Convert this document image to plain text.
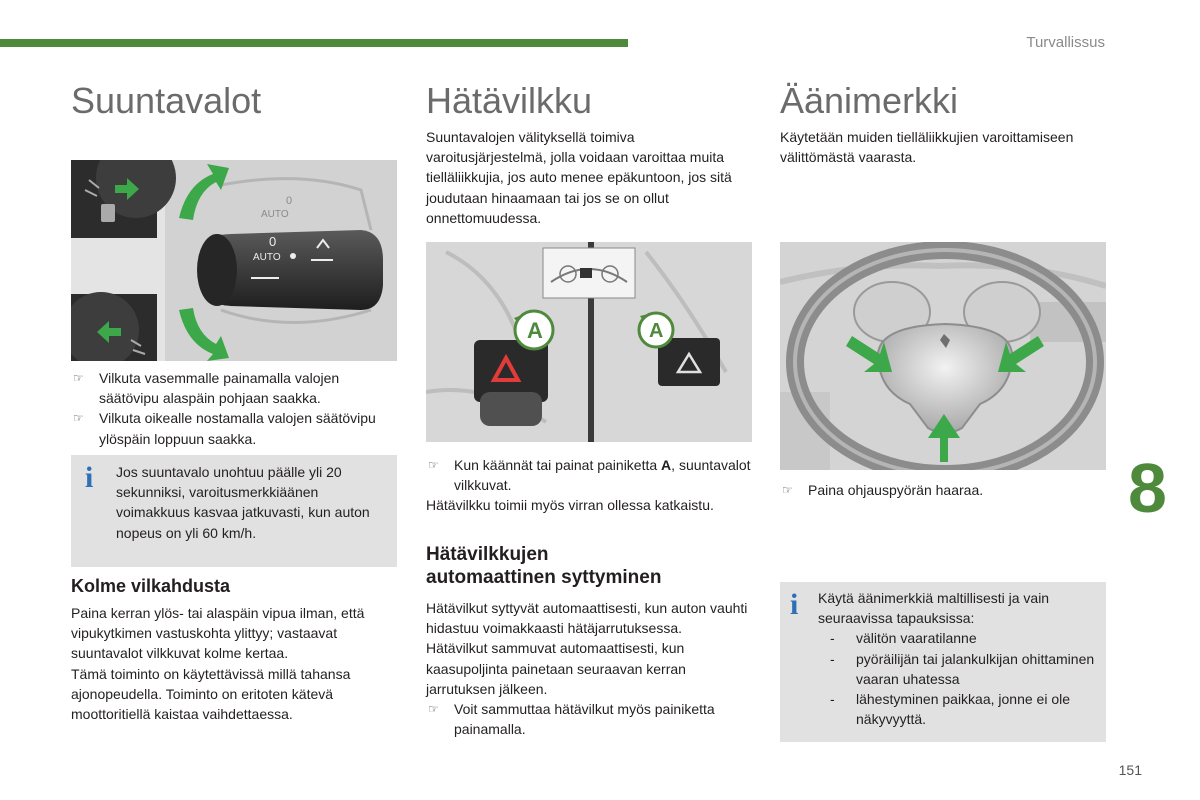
Turvallissus
Suuntavalot
AUTO
0
0
AUTO
☞ Vilkuta vasemmalle painamalla valojen säätövipu alaspäin pohjaan saakka.
☞ Vilkuta oikealle nostamalla valojen säätövipu ylöspäin loppuun saakka.
i Jos suuntavalo unohtuu päälle yli 20 sekunniksi, varoitusmerkkiäänen voimakkuus kasvaa jatkuvasti, kun auton nopeus on yli 60 km/h.
Kolme vilkahdusta

Paina kerran ylös- tai alaspäin vipua ilman, että vipukytkimen vastuskohta ylittyy; vastaavat suuntavalot vilkkuvat kolme kertaa.

Tämä toiminto on käytettävissä millä tahansa ajonopeudella. Toiminto on eritoten kätevä moottoritiellä kaistaa vaihdettaessa.

Hätävilkku
Suuntavalojen välityksellä toimiva varoitusjärjestelmä, jolla voidaan varoittaa muita tielläliikkujia, jos auto menee epäkuntoon, jos sitä joudutaan hinaamaan tai jos se on ollut onnettomuudessa.
A	A
☞ Kun käännät tai painat painiketta A, suuntavalot vilkkuvat.

Hätävilkku toimii myös virran ollessa katkaistu.

Hätävilkkujen
automaattinen syttyminen

Hätävilkut syttyvät automaattisesti, kun auton vauhti hidastuu voimakkaasti hätäjarrutuksessa.

Hätävilkut sammuvat automaattisesti, kun kaasupoljinta painetaan seuraavan kerran jarrutuksen jälkeen.

☞ Voit sammuttaa hätävilkut myös painiketta painamalla.
Äänimerkki
Käytetään muiden tielläliikkujien varoittamiseen välittömästä vaarasta.
☞ Paina ohjauspyörän haaraa.
i Käytä äänimerkkiä maltillisesti ja vain seuraavissa tapauksissa:

- välitön vaaratilanne
- pyöräilijän tai jalankulkijan ohittaminen vaaran uhatessa
- lähestyminen paikkaa, jonne ei ole näkyvyyttä.
8
151
